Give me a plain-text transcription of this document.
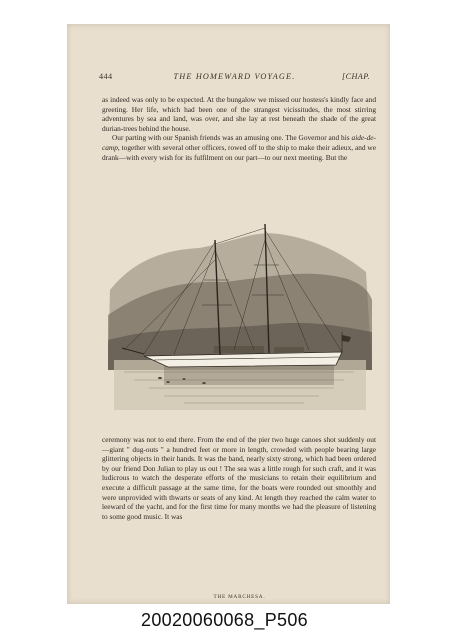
444	THE HOMEWARD VOYAGE.	[CHAP.

as indeed was only to be expected. At the bungalow we missed our hostess's kindly face and greeting. Her life, which had been one of the strangest vicissitudes, the most stirring adventures by sea and land, was over, and she lay at rest beneath the shade of the great durian-trees behind the house.

Our parting with our Spanish friends was an amusing one. The Governor and his aide-de-camp, together with several other officers, rowed off to the ship to make their adieux, and we drank—with every wish for its fulfilment on our part—to our next meeting. But the

THE MARCHESA.

ceremony was not to end there. From the end of the pier two huge canoes shot suddenly out—giant " dug-outs " a hundred feet or more in length, crowded with people bearing large glittering objects in their hands. It was the band, nearly sixty strong, which had been ordered by our friend Don Julian to play us out ! The sea was a little rough for such craft, and it was ludicrous to watch the desperate efforts of the musicians to retain their equilibrium and execute a difficult passage at the same time, for the boats were rounded out smoothly and were unprovided with thwarts or seats of any kind. At length they reached the calm water to leeward of the yacht, and for the first time for many months we had the pleasure of listening to some good music. It was

20020060068_P506
